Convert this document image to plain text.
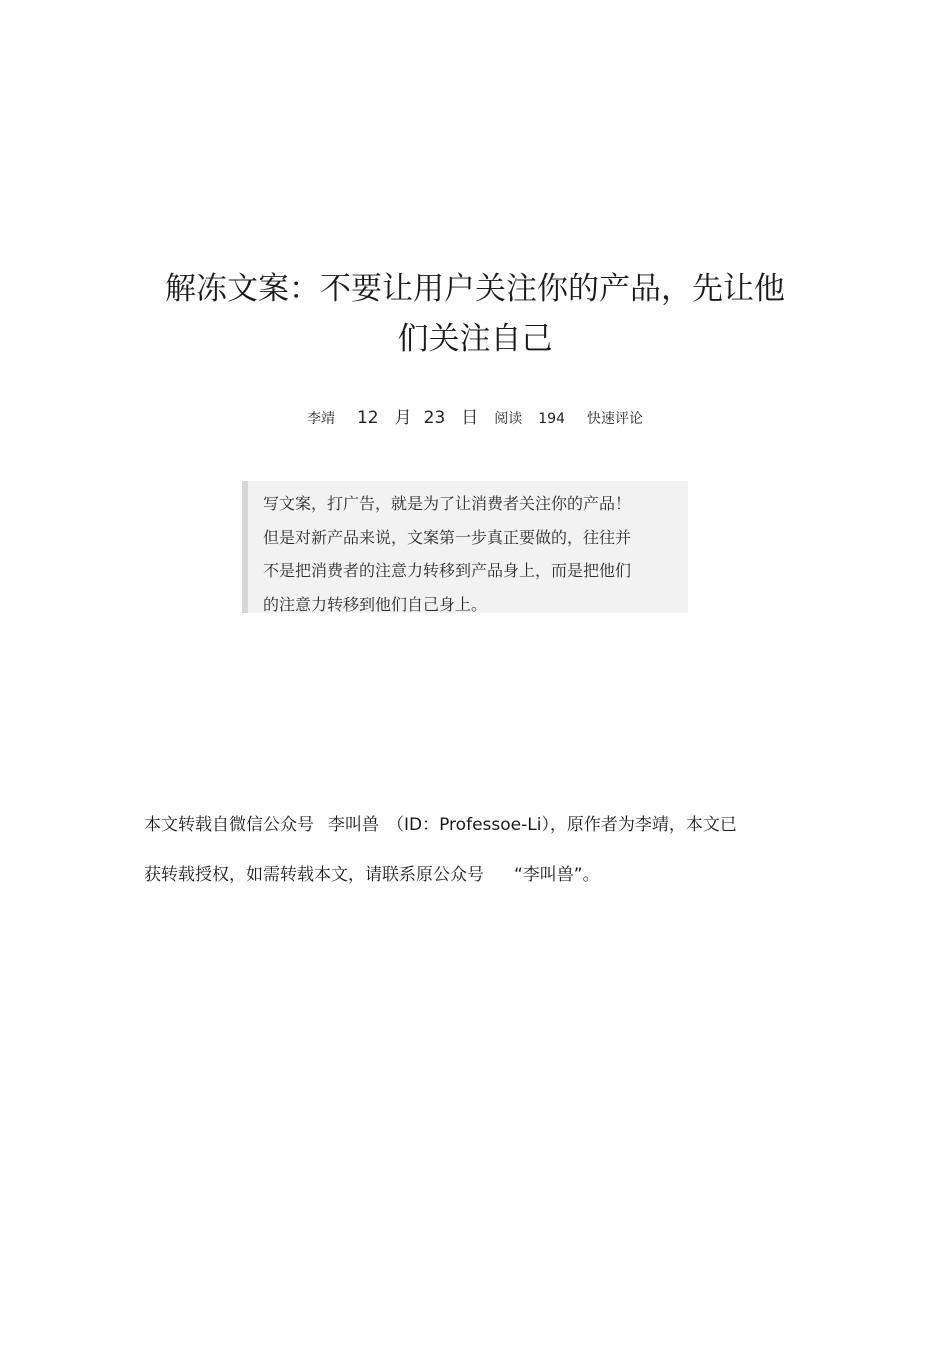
解冻文案：不要让用户关注你的产品，先让他
们关注自己
李靖 12 月 23 日 阅读 194 快速评论

写文案，打广告，就是为了让消费者关注你的产品！

但是对新产品来说，文案第一步真正要做的，往往并

不是把消费者的注意力转移到产品身上，而是把他们

的注意力转移到他们自己身上。

本文转载自微信公众号 李叫兽 （ID：Professoe-Li），原作者为李靖，本文已

获转载授权，如需转载本文，请联系原公众号 “李叫兽”。
